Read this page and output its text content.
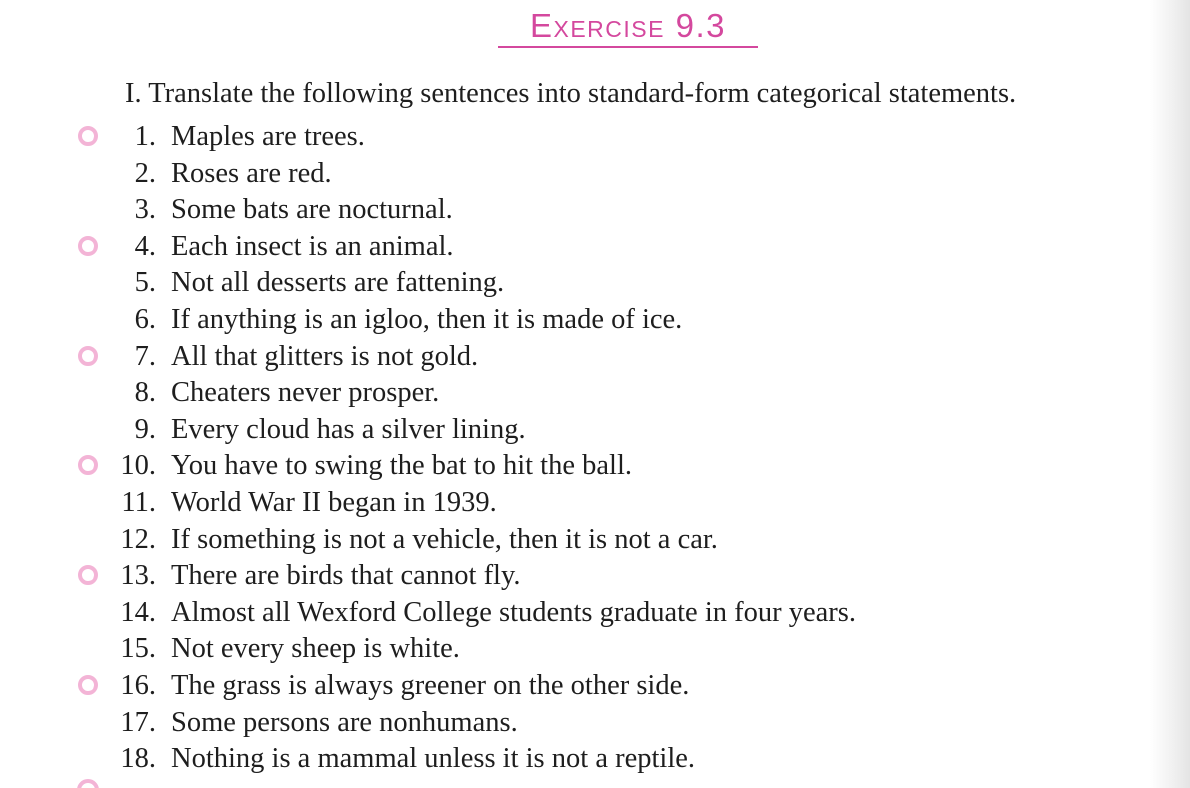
Exercise 9.3
I. Translate the following sentences into standard-form categorical statements.
1. Maples are trees.
2. Roses are red.
3. Some bats are nocturnal.
4. Each insect is an animal.
5. Not all desserts are fattening.
6. If anything is an igloo, then it is made of ice.
7. All that glitters is not gold.
8. Cheaters never prosper.
9. Every cloud has a silver lining.
10. You have to swing the bat to hit the ball.
11. World War II began in 1939.
12. If something is not a vehicle, then it is not a car.
13. There are birds that cannot fly.
14. Almost all Wexford College students graduate in four years.
15. Not every sheep is white.
16. The grass is always greener on the other side.
17. Some persons are nonhumans.
18. Nothing is a mammal unless it is not a reptile.
